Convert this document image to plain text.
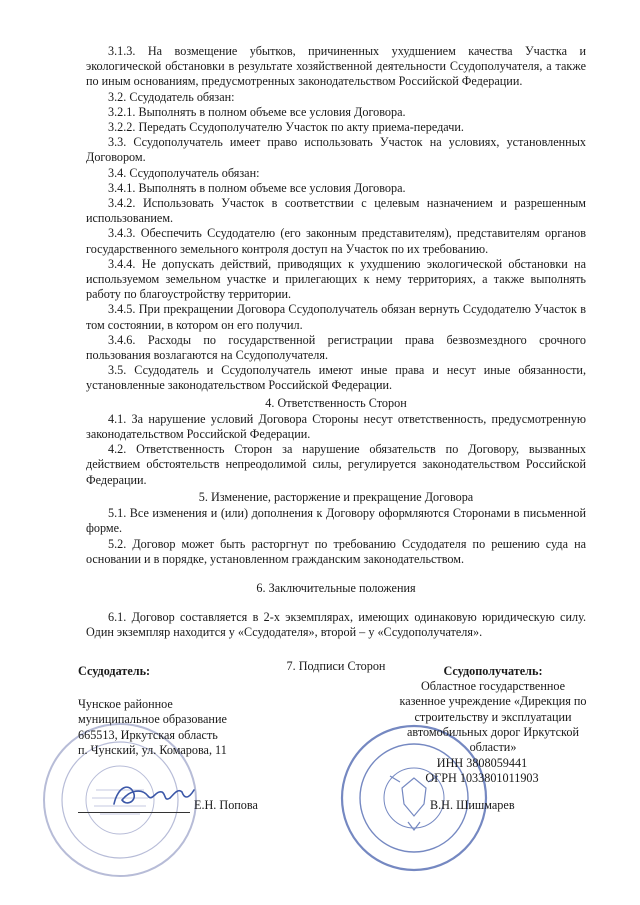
3.1.3. На возмещение убытков, причиненных ухудшением качества Участка и экологической обстановки в результате хозяйственной деятельности Ссудополучателя, а также по иным основаниям, предусмотренных законодательством Российской Федерации.

3.2. Ссудодатель обязан:

3.2.1. Выполнять в полном объеме все условия Договора.

3.2.2. Передать Ссудополучателю Участок по акту приема-передачи.

3.3. Ссудополучатель имеет право использовать Участок на условиях, установленных Договором.

3.4. Ссудополучатель обязан:

3.4.1. Выполнять в полном объеме все условия Договора.

3.4.2. Использовать Участок в соответствии с целевым назначением и разрешенным использованием.

3.4.3. Обеспечить Ссудодателю (его законным представителям), представителям органов государственного земельного контроля доступ на Участок по их требованию.

3.4.4. Не допускать действий, приводящих к ухудшению экологической обстановки на используемом земельном участке и прилегающих к нему территориях, а также выполнять работу по благоустройству территории.

3.4.5. При прекращении Договора Ссудополучатель обязан вернуть Ссудодателю Участок в том состоянии, в котором он его получил.

3.4.6. Расходы по государственной регистрации права безвозмездного срочного пользования возлагаются на Ссудополучателя.

3.5. Ссудодатель и Ссудополучатель имеют иные права и несут иные обязанности, установленные законодательством Российской Федерации.

4. Ответственность Сторон

4.1. За нарушение условий Договора Стороны несут ответственность, предусмотренную законодательством Российской Федерации.

4.2. Ответственность Сторон за нарушение обязательств по Договору, вызванных действием обстоятельств непреодолимой силы, регулируется законодательством Российской Федерации.

5. Изменение, расторжение и прекращение Договора

5.1. Все изменения и (или) дополнения к Договору оформляются Сторонами в письменной форме.

5.2. Договор может быть расторгнут по требованию Ссудодателя по решению суда на основании и в порядке, установленном гражданским законодательством.

6. Заключительные положения

6.1. Договор составляется в 2-х экземплярах, имеющих одинаковую юридическую силу. Один экземпляр находится у «Ссудодателя», второй – у «Ссудополучателя».

7. Подписи Сторон

Ссудодатель:
Чунское районное
муниципальное образование
665513, Иркутская область
п. Чунский, ул. Комарова, 11
Е.Н. Попова
Ссудополучатель:
Областное государственное
казенное учреждение «Дирекция по
строительству и эксплуатации
автомобильных дорог Иркутской
области»
ИНН 3808059441
ОГРН 1033801011903
В.Н. Шишмарев
